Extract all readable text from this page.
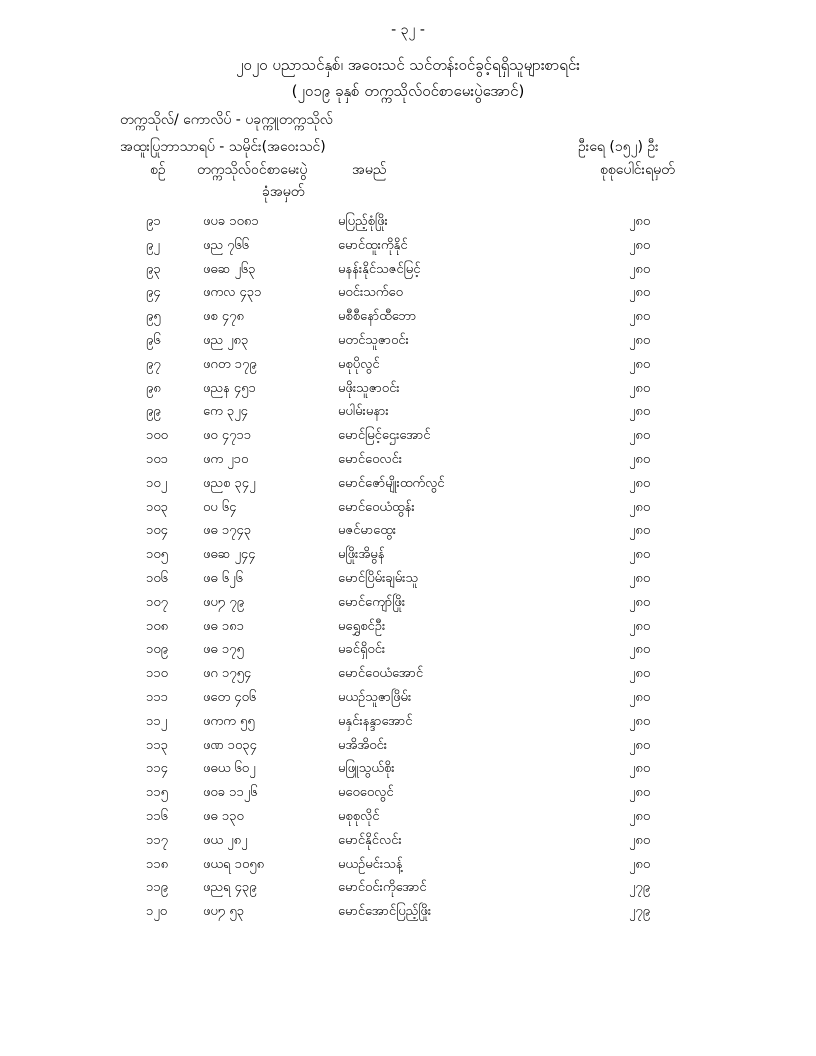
- ၃၂ -
၂၀၂၀ ပညာသင်နှစ်၊ အဝေးသင် သင်တန်းဝင်ခွင့်ရရှိသူများစာရင်း
(၂၀၁၉ ခုနှစ် တက္ကသိုလ်ဝင်စာမေးပွဲအောင်)
တက္ကသိုလ်/ ကောလိပ် - ပခုက္ကူတက္ကသိုလ်
အထူးပြုဘာသာရပ် - သမိုင်း(အဝေးသင်)	ဦးရေ (၁၅၂) ဦး
စဉ် တက္ကသိုလ်ဝင်စာမေးပွဲ
ခုံအမှတ်
အမည်	စုစုပေါင်းရမှတ်
၉၁	ဖပခ ၁၀၈၁	မပြည့်စုံဖြိုး	၂၈၀
၉၂	ဖည ၇၆၆	မောင်ထူးကိုနိုင်	၂၈၀
၉၃	ဖဓဆ ၂၆၃	မနန်းနိုင်သဇင်မြင့်	၂၈၀
၉၄	ဖကလ ၄၃၁	မဝင်းသက်ဝေ	၂၈၀
၉၅	ဖစ ၄၇၈	မစီစီနော်ထီဘော	၂၈၀
၉၆	ဖည ၂၈၃	မတင်သူဇာဝင်း	၂၈၀
၉၇	ဖဂတ ၁၇၉	မစုပိုလွင်	၂၈၀
၉၈	ဖညန ၄၅၁	မဖိုးသူဇာဝင်း	၂၈၀
၉၉	ကေ ၃၂၄	မပါမ်းမနား	၂၈၀
၁၀၀	ဖဝ ၄၇၁၁	မောင်မြင့်ဌေးအောင်	၂၈၀
၁၀၁	ဖက ၂၁၀	မောင်ဝေလင်း	၂၈၀
၁၀၂	ဖညစ ၃၄၂	မောင်ဇော်မျိုးထက်လွင်	၂၈၀
၁၀၃	ဝပ ၆၄	မောင်ဝေယံထွန်း	၂၈၀
၁၀၄	ဖဓ ၁၇၄၃	မဇင်မာထွေး	၂၈၀
၁၀၅	ဖဓဆ ၂၄၄	မဖြိုးအိမွန်	၂၈၀
၁၀၆	ဖဓ ၆၂၆	မောင်ပြိမ်းချမ်းသူ	၂၈၀
၁၀၇	ဖပ႒ ၇၉	မောင်ကျော်ဖြိုး	၂၈၀
၁၀၈	ဖဓ ၁၈၁	မရွှေစင်ဦး	၂၈၀
၁၀၉	ဖဓ ၁၇၅	မခင်ရှိဝင်း	၂၈၀
၁၁၀	ဖဂ ၁၇၅၄	မောင်ဝေယံအောင်	၂၈၀
၁၁၁	ဖတေ ၄၀၆	မယဉ်သူဇာဖြိမ်း	၂၈၀
၁၁၂	ဖကက ၅၅	မနှင်းနန္ဒာအောင်	၂၈၀
၁၁၃	ဖဏ ၁၀၃၄	မအိအိဝင်း	၂၈၀
၁၁၄	ဖဓယ ၆၀၂	မဖြူသွယ်စိုး	၂၈၀
၁၁၅	ဖဝခ ၁၁၂၆	မဝေဝေလွင်	၂၈၀
၁၁၆	ဖဓ ၁၃၀	မစုစုလိုင်	၂၈၀
၁၁၇	ဖယ ၂၈၂	မောင်နိုင်လင်း	၂၈၀
၁၁၈	ဖယရ ၁၀၅၈	မယဉ်မင်းသန့်	၂၈၀
၁၁၉	ဖညရ ၄၃၉	မောင်ဝင်းကိုအောင်	၂၇၉
၁၂၀	ဖပ႒ ၅၃	မောင်အောင်ပြည့်ဖြိုး	၂၇၉
